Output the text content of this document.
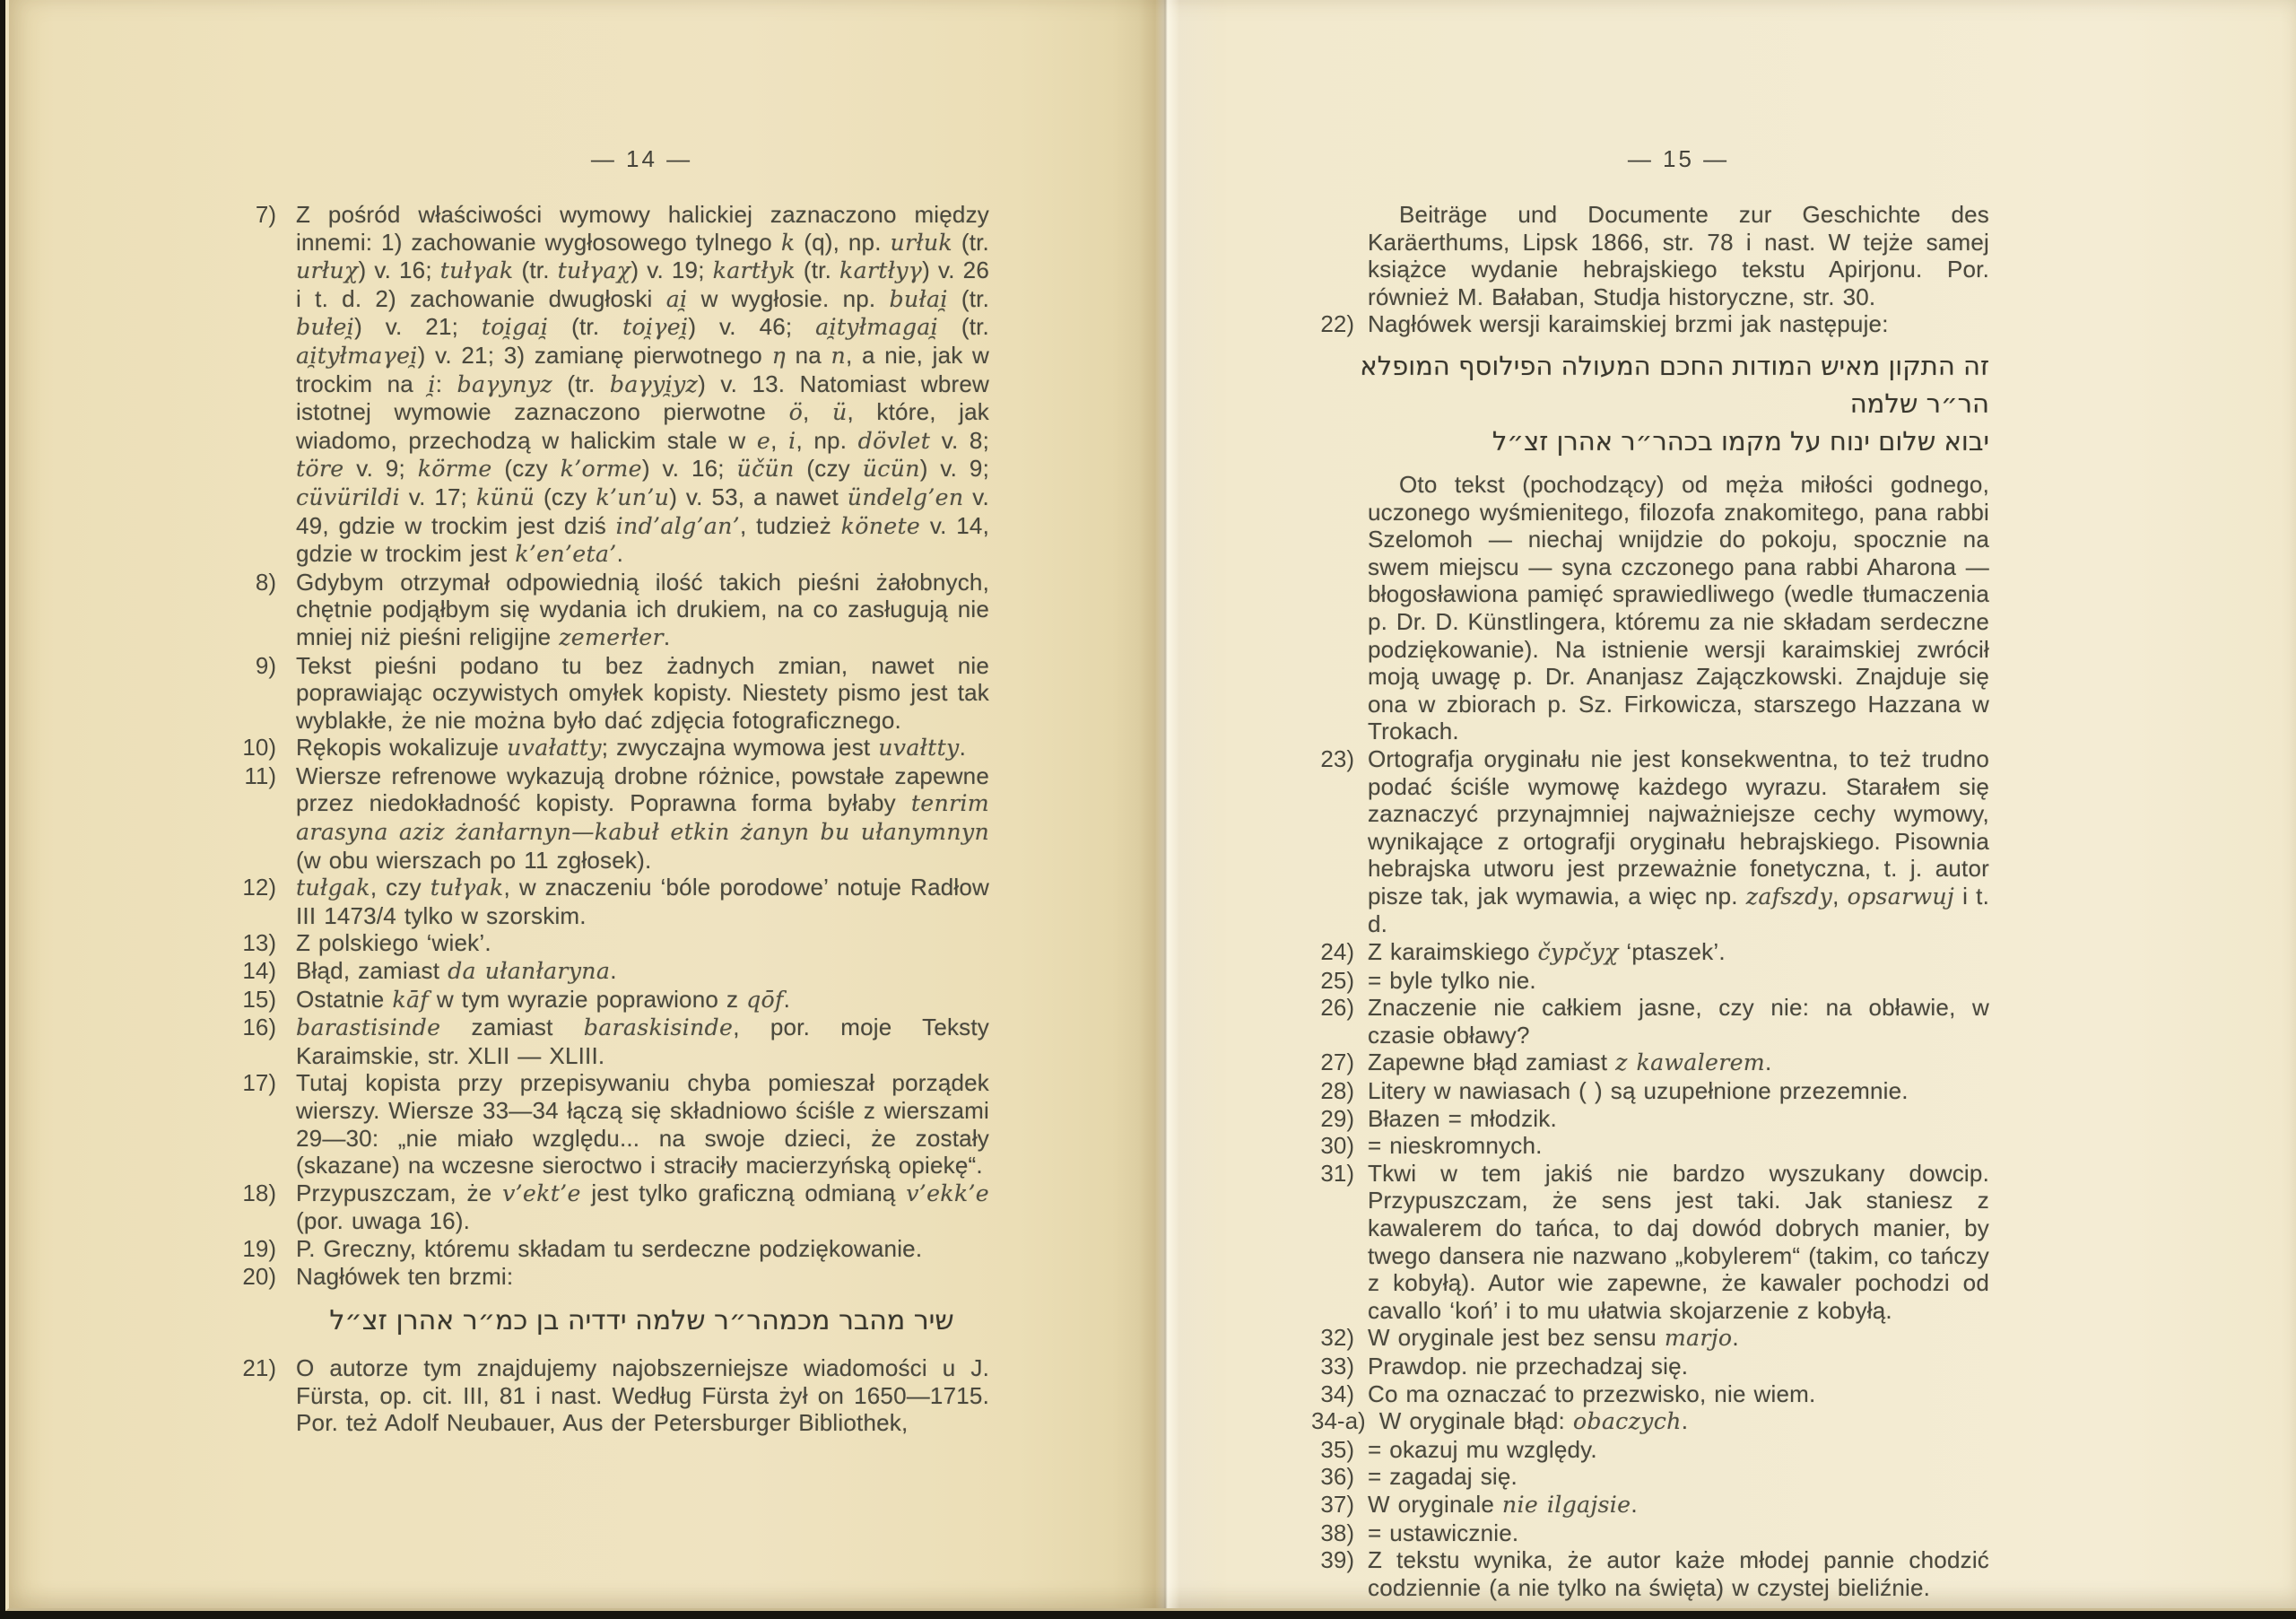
— 14 —
7) Z pośród właściwości wymowy halickiej zaznaczono między innemi: 1) zachowanie wygłosowego tylnego k (q), np. urłuk (tr. urłuχ) v. 16; tułγak (tr. tułγaχ) v. 19; kartłyk (tr. kartłyγ) v. 26 i t. d. 2) zachowanie dwugłoski ai̯ w wygłosie. np. bułai̯ (tr. bułei̯) v. 21; toi̯gai̯ (tr. toi̯γei̯) v. 46; ai̯tyłmagai̯ (tr. ai̯tyłmaγei̯) v. 21; 3) zamianę pierwotnego η na n, a nie, jak w trockim na i̯: baγynyz (tr. baγyi̯yz) v. 13. Natomiast wbrew istotnej wymowie zaznaczono pierwotne ö, ü, które, jak wiadomo, przechodzą w halickim stale w e, i, np. dövlet v. 8; töre v. 9; körme (czy k’orme) v. 16; üčün (czy ücün) v. 9; cüvürildi v. 17; künü (czy k’un’u) v. 53, a nawet ündelg’en v. 49, gdzie w trockim jest dziś ind’alg’an’, tudzież könete v. 14, gdzie w trockim jest k’en’eta’.
8) Gdybym otrzymał odpowiednią ilość takich pieśni żałobnych, chętnie podjąłbym się wydania ich drukiem, na co zasługują nie mniej niż pieśni religijne zemerłer.
9) Tekst pieśni podano tu bez żadnych zmian, nawet nie poprawiając oczywistych omyłek kopisty. Niestety pismo jest tak wyblakłe, że nie można było dać zdjęcia fotograficznego.
10) Rękopis wokalizuje uvałatty; zwyczajna wymowa jest uvałtty.
11) Wiersze refrenowe wykazują drobne różnice, powstałe zapewne przez niedokładność kopisty. Poprawna forma byłaby tenrim arasyna aziz żanłarnyn—kabuł etkin żanyn bu ułanymnyn (w obu wierszach po 11 zgłosek).
12) tułgak, czy tułγak, w znaczeniu ‘bóle porodowe’ notuje Radłow III 1473/4 tylko w szorskim.
13) Z polskiego ‘wiek’.
14) Błąd, zamiast da ułanłaryna.
15) Ostatnie kāf w tym wyrazie poprawiono z qōf.
16) barastisinde zamiast baraskisinde, por. moje Teksty Karaimskie, str. XLII — XLIII.
17) Tutaj kopista przy przepisywaniu chyba pomieszał porządek wierszy. Wiersze 33—34 łączą się składniowo ściśle z wierszami 29—30: „nie miało względu... na swoje dzieci, że zostały (skazane) na wczesne sieroctwo i straciły macierzyńską opiekę“.
18) Przypuszczam, że v’ekt’e jest tylko graficzną odmianą v’ekk’e (por. uwaga 16).
19) P. Greczny, któremu składam tu serdeczne podziękowanie.
20) Nagłówek ten brzmi:
שיר מהבר מכמהר״ר שלמה ידדיה בן כמ״ר אהרן זצ״ל
21) O autorze tym znajdujemy najobszerniejsze wiadomości u J. Fürsta, op. cit. III, 81 i nast. Według Fürsta żył on 1650—1715. Por. też Adolf Neubauer, Aus der Petersburger Bibliothek,
— 15 —
Beiträge und Documente zur Geschichte des Karäerthums, Lipsk 1866, str. 78 i nast. W tejże samej książce wydanie hebrajskiego tekstu Apirjonu. Por. również M. Bałaban, Studja historyczne, str. 30.
22) Nagłówek wersji karaimskiej brzmi jak następuje:
זה התקון מאיש המודות החכם המעולה הפילוסף המופלא הר״ר שלמה
יבוא שלום ינוח על מקמו בכהר״ר אהרן זצ״ל
Oto tekst (pochodzący) od męża miłości godnego, uczonego wyśmienitego, filozofa znakomitego, pana rabbi Szelomoh — niechaj wnijdzie do pokoju, spocznie na swem miejscu — syna czczonego pana rabbi Aharona — błogosławiona pamięć sprawiedliwego (wedle tłumaczenia p. Dr. D. Künstlingera, któremu za nie składam serdeczne podziękowanie). Na istnienie wersji karaimskiej zwrócił moją uwagę p. Dr. Ananjasz Zajączkowski. Znajduje się ona w zbiorach p. Sz. Firkowicza, starszego Hazzana w Trokach.
23) Ortografja oryginału nie jest konsekwentna, to też trudno podać ściśle wymowę każdego wyrazu. Starałem się zaznaczyć przynajmniej najważniejsze cechy wymowy, wynikające z ortografji oryginału hebrajskiego. Pisownia hebrajska utworu jest przeważnie fonetyczna, t. j. autor pisze tak, jak wymawia, a więc np. zafszdy, opsarwuj i t. d.
24) Z karaimskiego čypčyχ ‘ptaszek’.
25) = byle tylko nie.
26) Znaczenie nie całkiem jasne, czy nie: na obławie, w czasie obławy?
27) Zapewne błąd zamiast z kawalerem.
28) Litery w nawiasach ( ) są uzupełnione przezemnie.
29) Błazen = młodzik.
30) = nieskromnych.
31) Tkwi w tem jakiś nie bardzo wyszukany dowcip. Przypuszczam, że sens jest taki. Jak staniesz z kawalerem do tańca, to daj dowód dobrych manier, by twego dansera nie nazwano „kobylerem“ (takim, co tańczy z kobyłą). Autor wie zapewne, że kawaler pochodzi od cavallo ‘koń’ i to mu ułatwia skojarzenie z kobyłą.
32) W oryginale jest bez sensu marjo.
33) Prawdop. nie przechadzaj się.
34) Co ma oznaczać to przezwisko, nie wiem.
34-a) W oryginale błąd: obaczych.
35) = okazuj mu względy.
36) = zagadaj się.
37) W oryginale nie ilgajsie.
38) = ustawicznie.
39) Z tekstu wynika, że autor każe młodej pannie chodzić codziennie (a nie tylko na święta) w czystej bieliźnie.
